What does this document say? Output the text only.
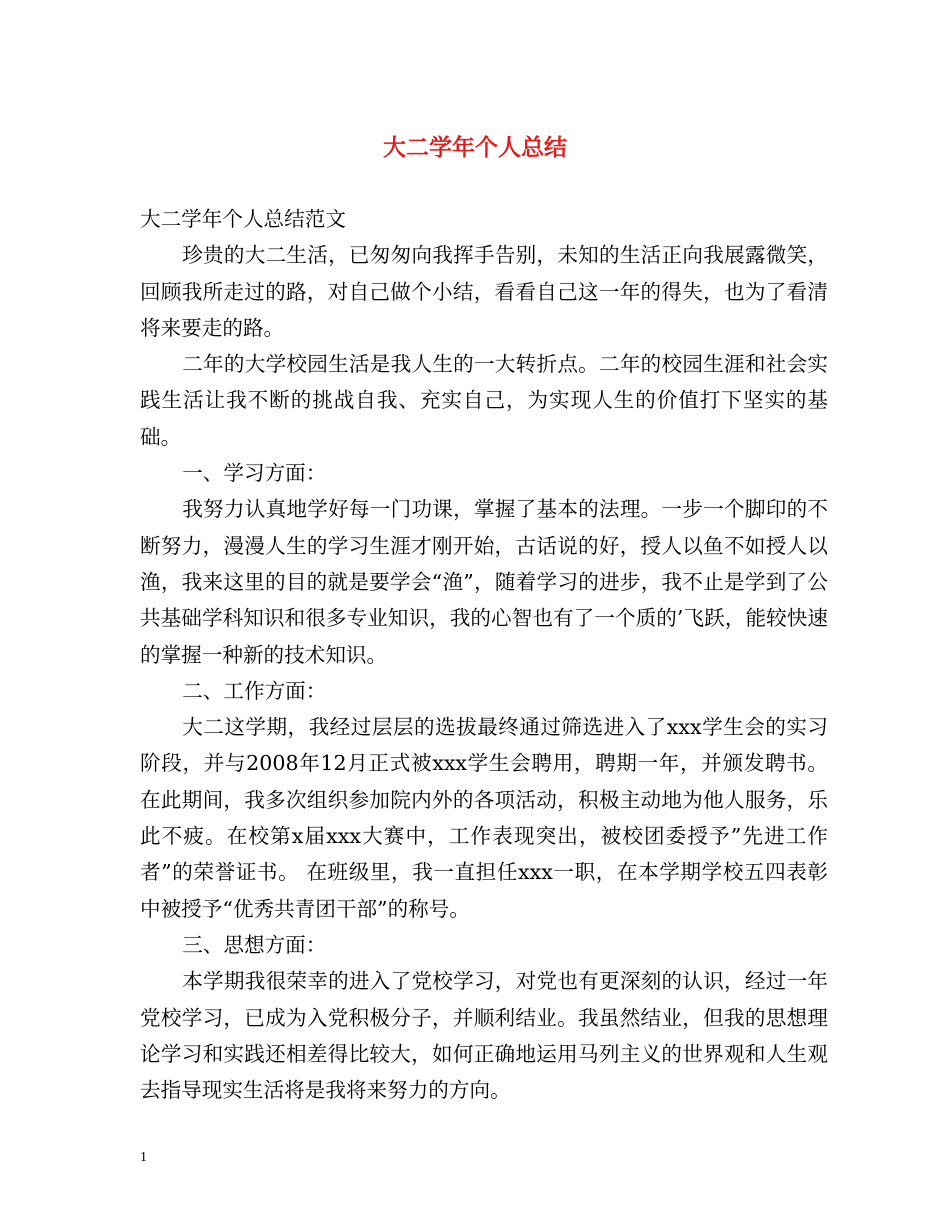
大二学年个人总结

大二学年个人总结范文

珍贵的大二生活，已匆匆向我挥手告别，未知的生活正向我展露微笑，回顾我所走过的路，对自己做个小结，看看自己这一年的得失，也为了看清将来要走的路。

二年的大学校园生活是我人生的一大转折点。二年的校园生涯和社会实践生活让我不断的挑战自我、充实自己，为实现人生的价值打下坚实的基础。

一、学习方面：

我努力认真地学好每一门功课，掌握了基本的法理。一步一个脚印的不断努力，漫漫人生的学习生涯才刚开始，古话说的好，授人以鱼不如授人以渔，我来这里的目的就是要学会“渔”，随着学习的进步，我不止是学到了公共基础学科知识和很多专业知识，我的心智也有了一个质的’飞跃，能较快速的掌握一种新的技术知识。

二、工作方面：

大二这学期，我经过层层的选拔最终通过筛选进入了xxx学生会的实习阶段，并与2008年12月正式被xxx学生会聘用，聘期一年，并颁发聘书。在此期间，我多次组织参加院内外的各项活动，积极主动地为他人服务，乐此不疲。在校第x届xxx大赛中，工作表现突出，被校团委授予”先进工作者”的荣誉证书。 在班级里，我一直担任xxx一职，在本学期学校五四表彰中被授予“优秀共青团干部”的称号。

三、思想方面：

本学期我很荣幸的进入了党校学习，对党也有更深刻的认识，经过一年党校学习，已成为入党积极分子，并顺利结业。我虽然结业，但我的思想理论学习和实践还相差得比较大，如何正确地运用马列主义的世界观和人生观去指导现实生活将是我将来努力的方向。

1
